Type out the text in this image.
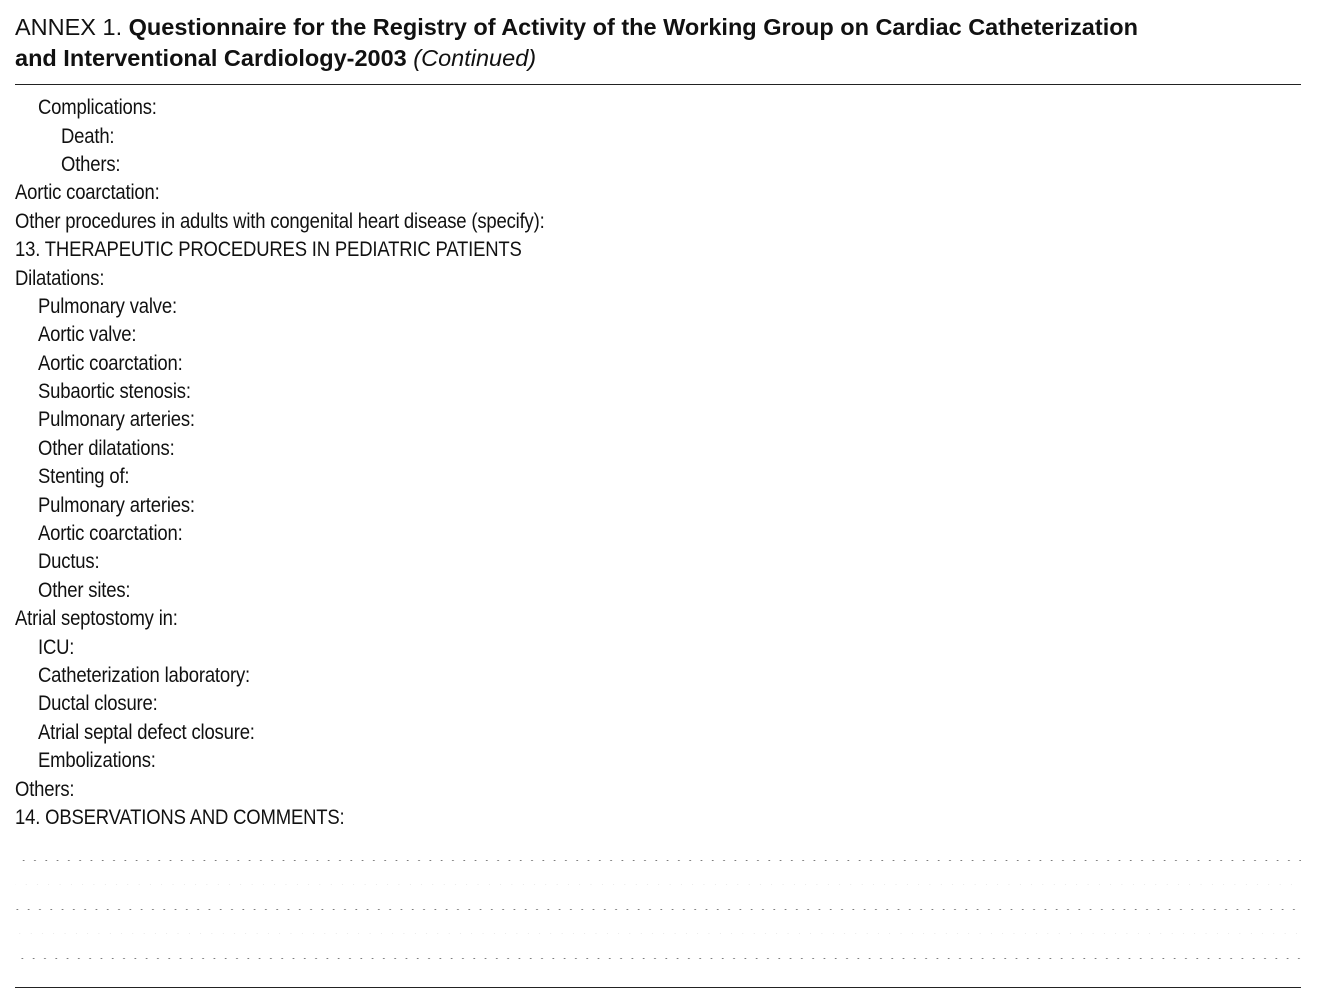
ANNEX 1. Questionnaire for the Registry of Activity of the Working Group on Cardiac Catheterization
and Interventional Cardiology-2003 (Continued)
Complications:
Death:
Others:
Aortic coarctation:
Other procedures in adults with congenital heart disease (specify):
13. THERAPEUTIC PROCEDURES IN PEDIATRIC PATIENTS
Dilatations:
Pulmonary valve:
Aortic valve:
Aortic coarctation:
Subaortic stenosis:
Pulmonary arteries:
Other dilatations:
Stenting of:
Pulmonary arteries:
Aortic coarctation:
Ductus:
Other sites:
Atrial septostomy in:
ICU:
Catheterization laboratory:
Ductal closure:
Atrial septal defect closure:
Embolizations:
Others:
14. OBSERVATIONS AND COMMENTS:
